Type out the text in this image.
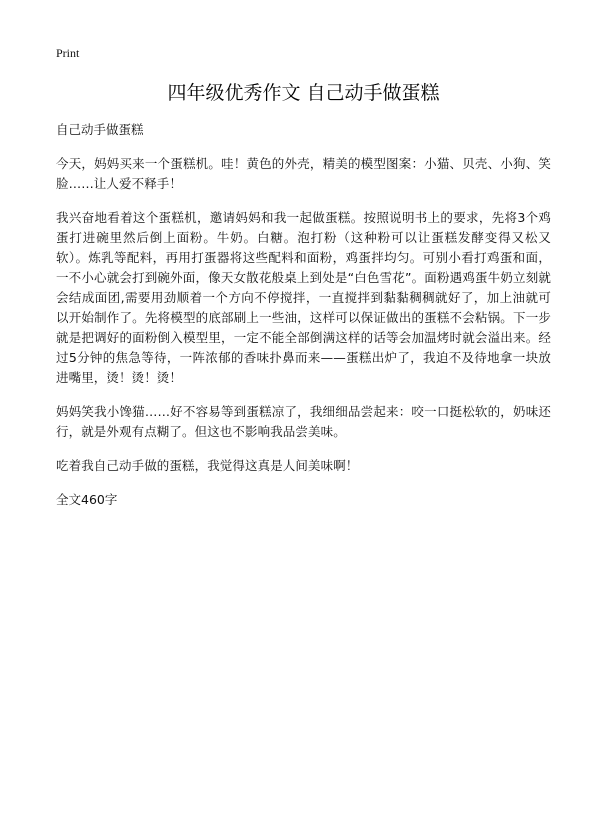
Print

四年级优秀作文 自己动手做蛋糕

自己动手做蛋糕

今天，妈妈买来一个蛋糕机。哇！黄色的外壳，精美的模型图案：小猫、贝壳、小狗、笑脸……让人爱不释手！

我兴奋地看着这个蛋糕机，邀请妈妈和我一起做蛋糕。按照说明书上的要求，先将3个鸡蛋打进碗里然后倒上面粉。牛奶。白糖。泡打粉（这种粉可以让蛋糕发酵变得又松又软）。炼乳等配料，再用打蛋器将这些配料和面粉，鸡蛋拌均匀。可别小看打鸡蛋和面，一不小心就会打到碗外面，像天女散花般桌上到处是“白色雪花”。面粉遇鸡蛋牛奶立刻就会结成面团,需要用劲顺着一个方向不停搅拌，一直搅拌到黏黏稠稠就好了，加上油就可以开始制作了。先将模型的底部刷上一些油，这样可以保证做出的蛋糕不会粘锅。下一步就是把调好的面粉倒入模型里，一定不能全部倒满这样的话等会加温烤时就会溢出来。经过5分钟的焦急等待，一阵浓郁的香味扑鼻而来——蛋糕出炉了，我迫不及待地拿一块放进嘴里，烫！烫！烫！

妈妈笑我小馋猫……好不容易等到蛋糕凉了，我细细品尝起来：咬一口挺松软的，奶味还行，就是外观有点糊了。但这也不影响我品尝美味。

吃着我自己动手做的蛋糕，我觉得这真是人间美味啊！

全文460字
